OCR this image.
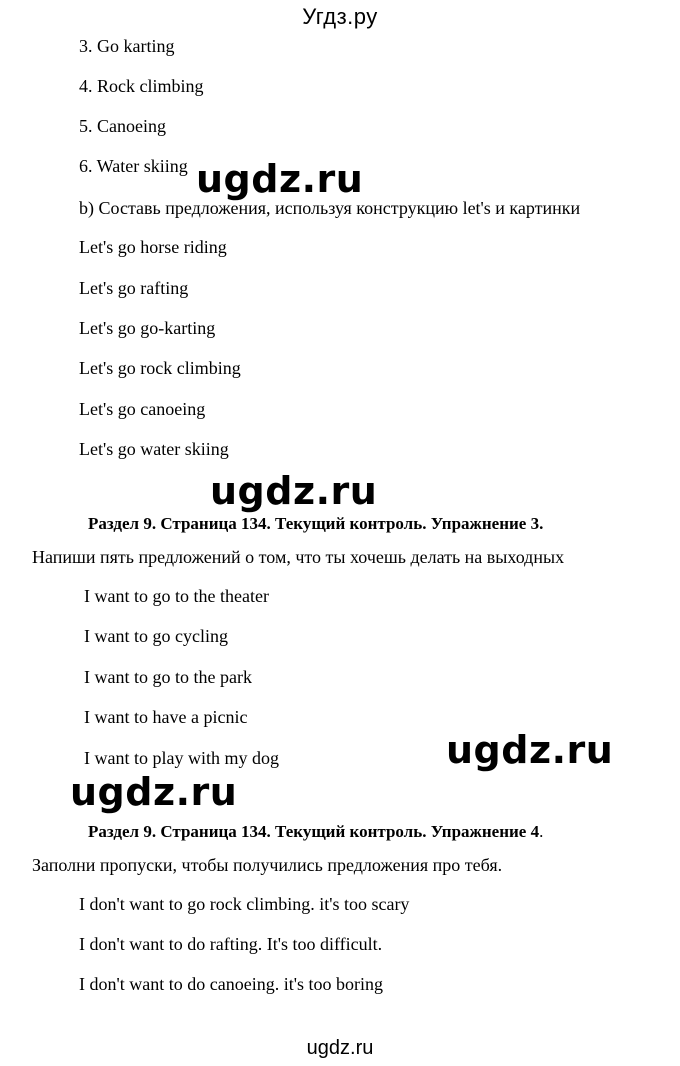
Угдз.ру
3. Go karting
4. Rock climbing
5. Canoeing
6. Water skiing
b) Составь предложения, используя конструкцию let's и картинки
Let's go horse riding
Let's go rafting
Let's go go-karting
Let's go rock climbing
Let's go canoeing
Let's go water skiing
Раздел 9. Страница 134. Текущий контроль. Упражнение 3.
Напиши пять предложений о том, что ты хочешь делать на выходных
I want to go to the theater
I want to go cycling
I want to go to the park
I want to have a picnic
I want to play with my dog
Раздел 9. Страница 134. Текущий контроль. Упражнение 4.
Заполни пропуски, чтобы получились предложения про тебя.
I don't want to go rock climbing. it's too scary
I don't want to do rafting. It's too difficult.
I don't want to do canoeing. it's too boring
ugdz.ru
ugdz.ru
ugdz.ru
ugdz.ru
ugdz.ru
